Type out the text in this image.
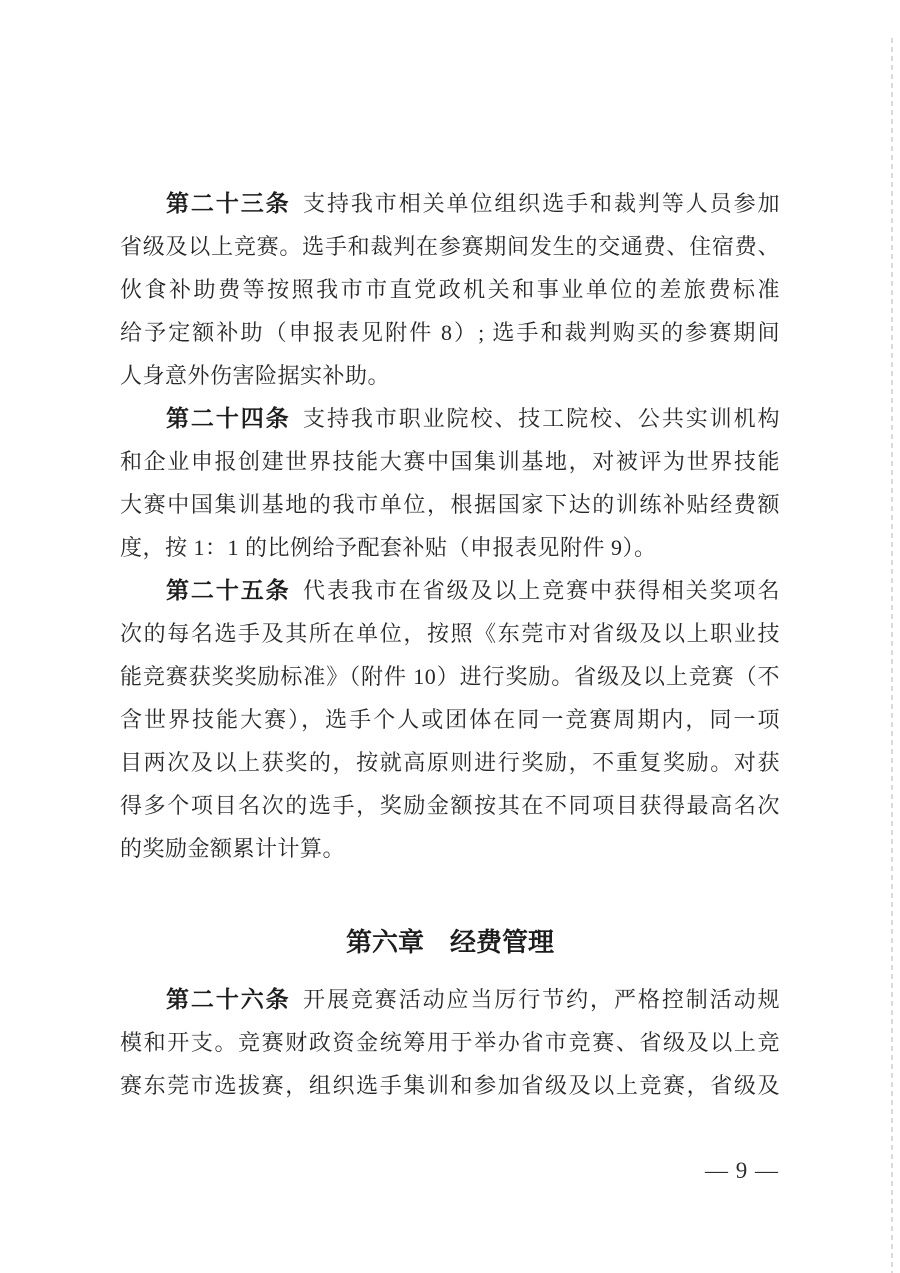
第二十三条 支持我市相关单位组织选手和裁判等人员参加
省级及以上竞赛。选手和裁判在参赛期间发生的交通费、住宿费、
伙食补助费等按照我市市直党政机关和事业单位的差旅费标准
给予定额补助（申报表见附件 8）; 选手和裁判购买的参赛期间
人身意外伤害险据实补助。
第二十四条 支持我市职业院校、技工院校、公共实训机构
和企业申报创建世界技能大赛中国集训基地，对被评为世界技能
大赛中国集训基地的我市单位，根据国家下达的训练补贴经费额
度，按 1：1 的比例给予配套补贴（申报表见附件 9）。
第二十五条 代表我市在省级及以上竞赛中获得相关奖项名
次的每名选手及其所在单位，按照《东莞市对省级及以上职业技
能竞赛获奖奖励标准》（附件 10）进行奖励。省级及以上竞赛（不
含世界技能大赛），选手个人或团体在同一竞赛周期内，同一项
目两次及以上获奖的，按就高原则进行奖励，不重复奖励。对获
得多个项目名次的选手，奖励金额按其在不同项目获得最高名次
的奖励金额累计计算。
第六章 经费管理
第二十六条 开展竞赛活动应当厉行节约，严格控制活动规
模和开支。竞赛财政资金统筹用于举办省市竞赛、省级及以上竞
赛东莞市选拔赛，组织选手集训和参加省级及以上竞赛，省级及
— 9 —
